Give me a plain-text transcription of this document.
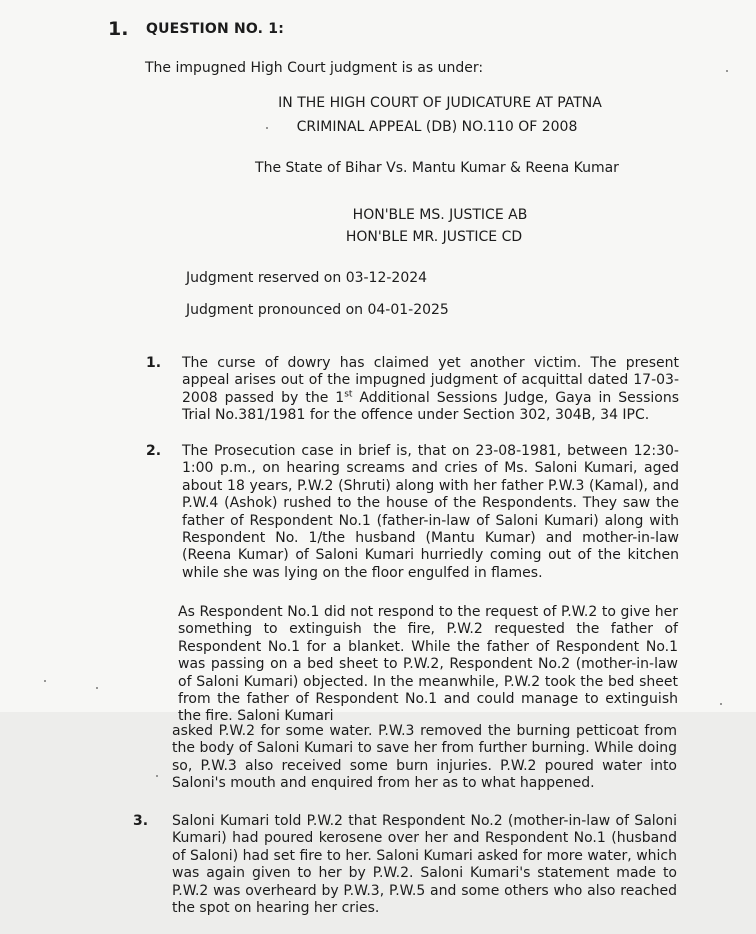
1. QUESTION NO. 1:
The impugned High Court judgment is as under:
IN THE HIGH COURT OF JUDICATURE AT PATNA
CRIMINAL APPEAL (DB) NO.110 OF 2008
The State of Bihar Vs. Mantu Kumar & Reena Kumar
HON'BLE MS. JUSTICE AB
HON'BLE MR. JUSTICE CD
Judgment reserved on 03-12-2024
Judgment pronounced on 04-01-2025
1. The curse of dowry has claimed yet another victim. The present appeal arises out of the impugned judgment of acquittal dated 17-03-2008 passed by the 1st Additional Sessions Judge, Gaya in Sessions Trial No.381/1981 for the offence under Section 302, 304B, 34 IPC.
2. The Prosecution case in brief is, that on 23-08-1981, between 12:30-1:00 p.m., on hearing screams and cries of Ms. Saloni Kumari, aged about 18 years, P.W.2 (Shruti) along with her father P.W.3 (Kamal), and P.W.4 (Ashok) rushed to the house of the Respondents. They saw the father of Respondent No.1 (father-in-law of Saloni Kumari) along with Respondent No. 1/the husband (Mantu Kumar) and mother-in-law (Reena Kumar) of Saloni Kumari hurriedly coming out of the kitchen while she was lying on the floor engulfed in flames.
As Respondent No.1 did not respond to the request of P.W.2 to give her something to extinguish the fire, P.W.2 requested the father of Respondent No.1 for a blanket. While the father of Respondent No.1 was passing on a bed sheet to P.W.2, Respondent No.2 (mother-in-law of Saloni Kumari) objected. In the meanwhile, P.W.2 took the bed sheet from the father of Respondent No.1 and could manage to extinguish the fire. Saloni Kumari
asked P.W.2 for some water. P.W.3 removed the burning petticoat from the body of Saloni Kumari to save her from further burning. While doing so, P.W.3 also received some burn injuries. P.W.2 poured water into Saloni's mouth and enquired from her as to what happened.
3. Saloni Kumari told P.W.2 that Respondent No.2 (mother-in-law of Saloni Kumari) had poured kerosene over her and Respondent No.1 (husband of Saloni) had set fire to her. Saloni Kumari asked for more water, which was again given to her by P.W.2. Saloni Kumari's statement made to P.W.2 was overheard by P.W.3, P.W.5 and some others who also reached the spot on hearing her cries.
